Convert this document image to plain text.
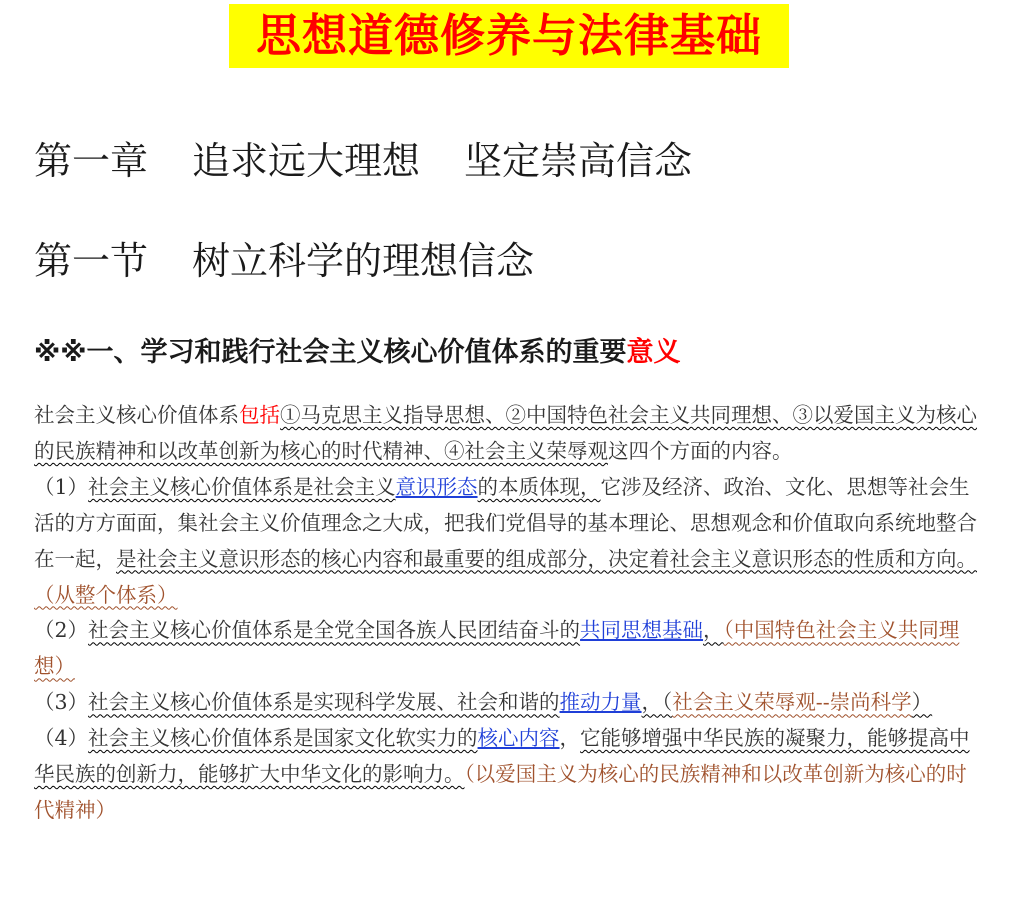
思想道德修养与法律基础
第一章 追求远大理想 坚定崇高信念
第一节 树立科学的理想信念
※※一、学习和践行社会主义核心价值体系的重要意义

社会主义核心价值体系包括①马克思主义指导思想、②中国特色社会主义共同理想、③以爱国主义为核心的民族精神和以改革创新为核心的时代精神、④社会主义荣辱观这四个方面的内容。

（1）社会主义核心价值体系是社会主义意识形态的本质体现，它涉及经济、政治、文化、思想等社会生活的方方面面，集社会主义价值理念之大成，把我们党倡导的基本理论、思想观念和价值取向系统地整合在一起，是社会主义意识形态的核心内容和最重要的组成部分，决定着社会主义意识形态的性质和方向。（从整个体系）

（2）社会主义核心价值体系是全党全国各族人民团结奋斗的共同思想基础，（中国特色社会主义共同理想）

（3）社会主义核心价值体系是实现科学发展、社会和谐的推动力量，（社会主义荣辱观--崇尚科学）

（4）社会主义核心价值体系是国家文化软实力的核心内容，它能够增强中华民族的凝聚力，能够提高中华民族的创新力，能够扩大中华文化的影响力。（以爱国主义为核心的民族精神和以改革创新为核心的时代精神）
